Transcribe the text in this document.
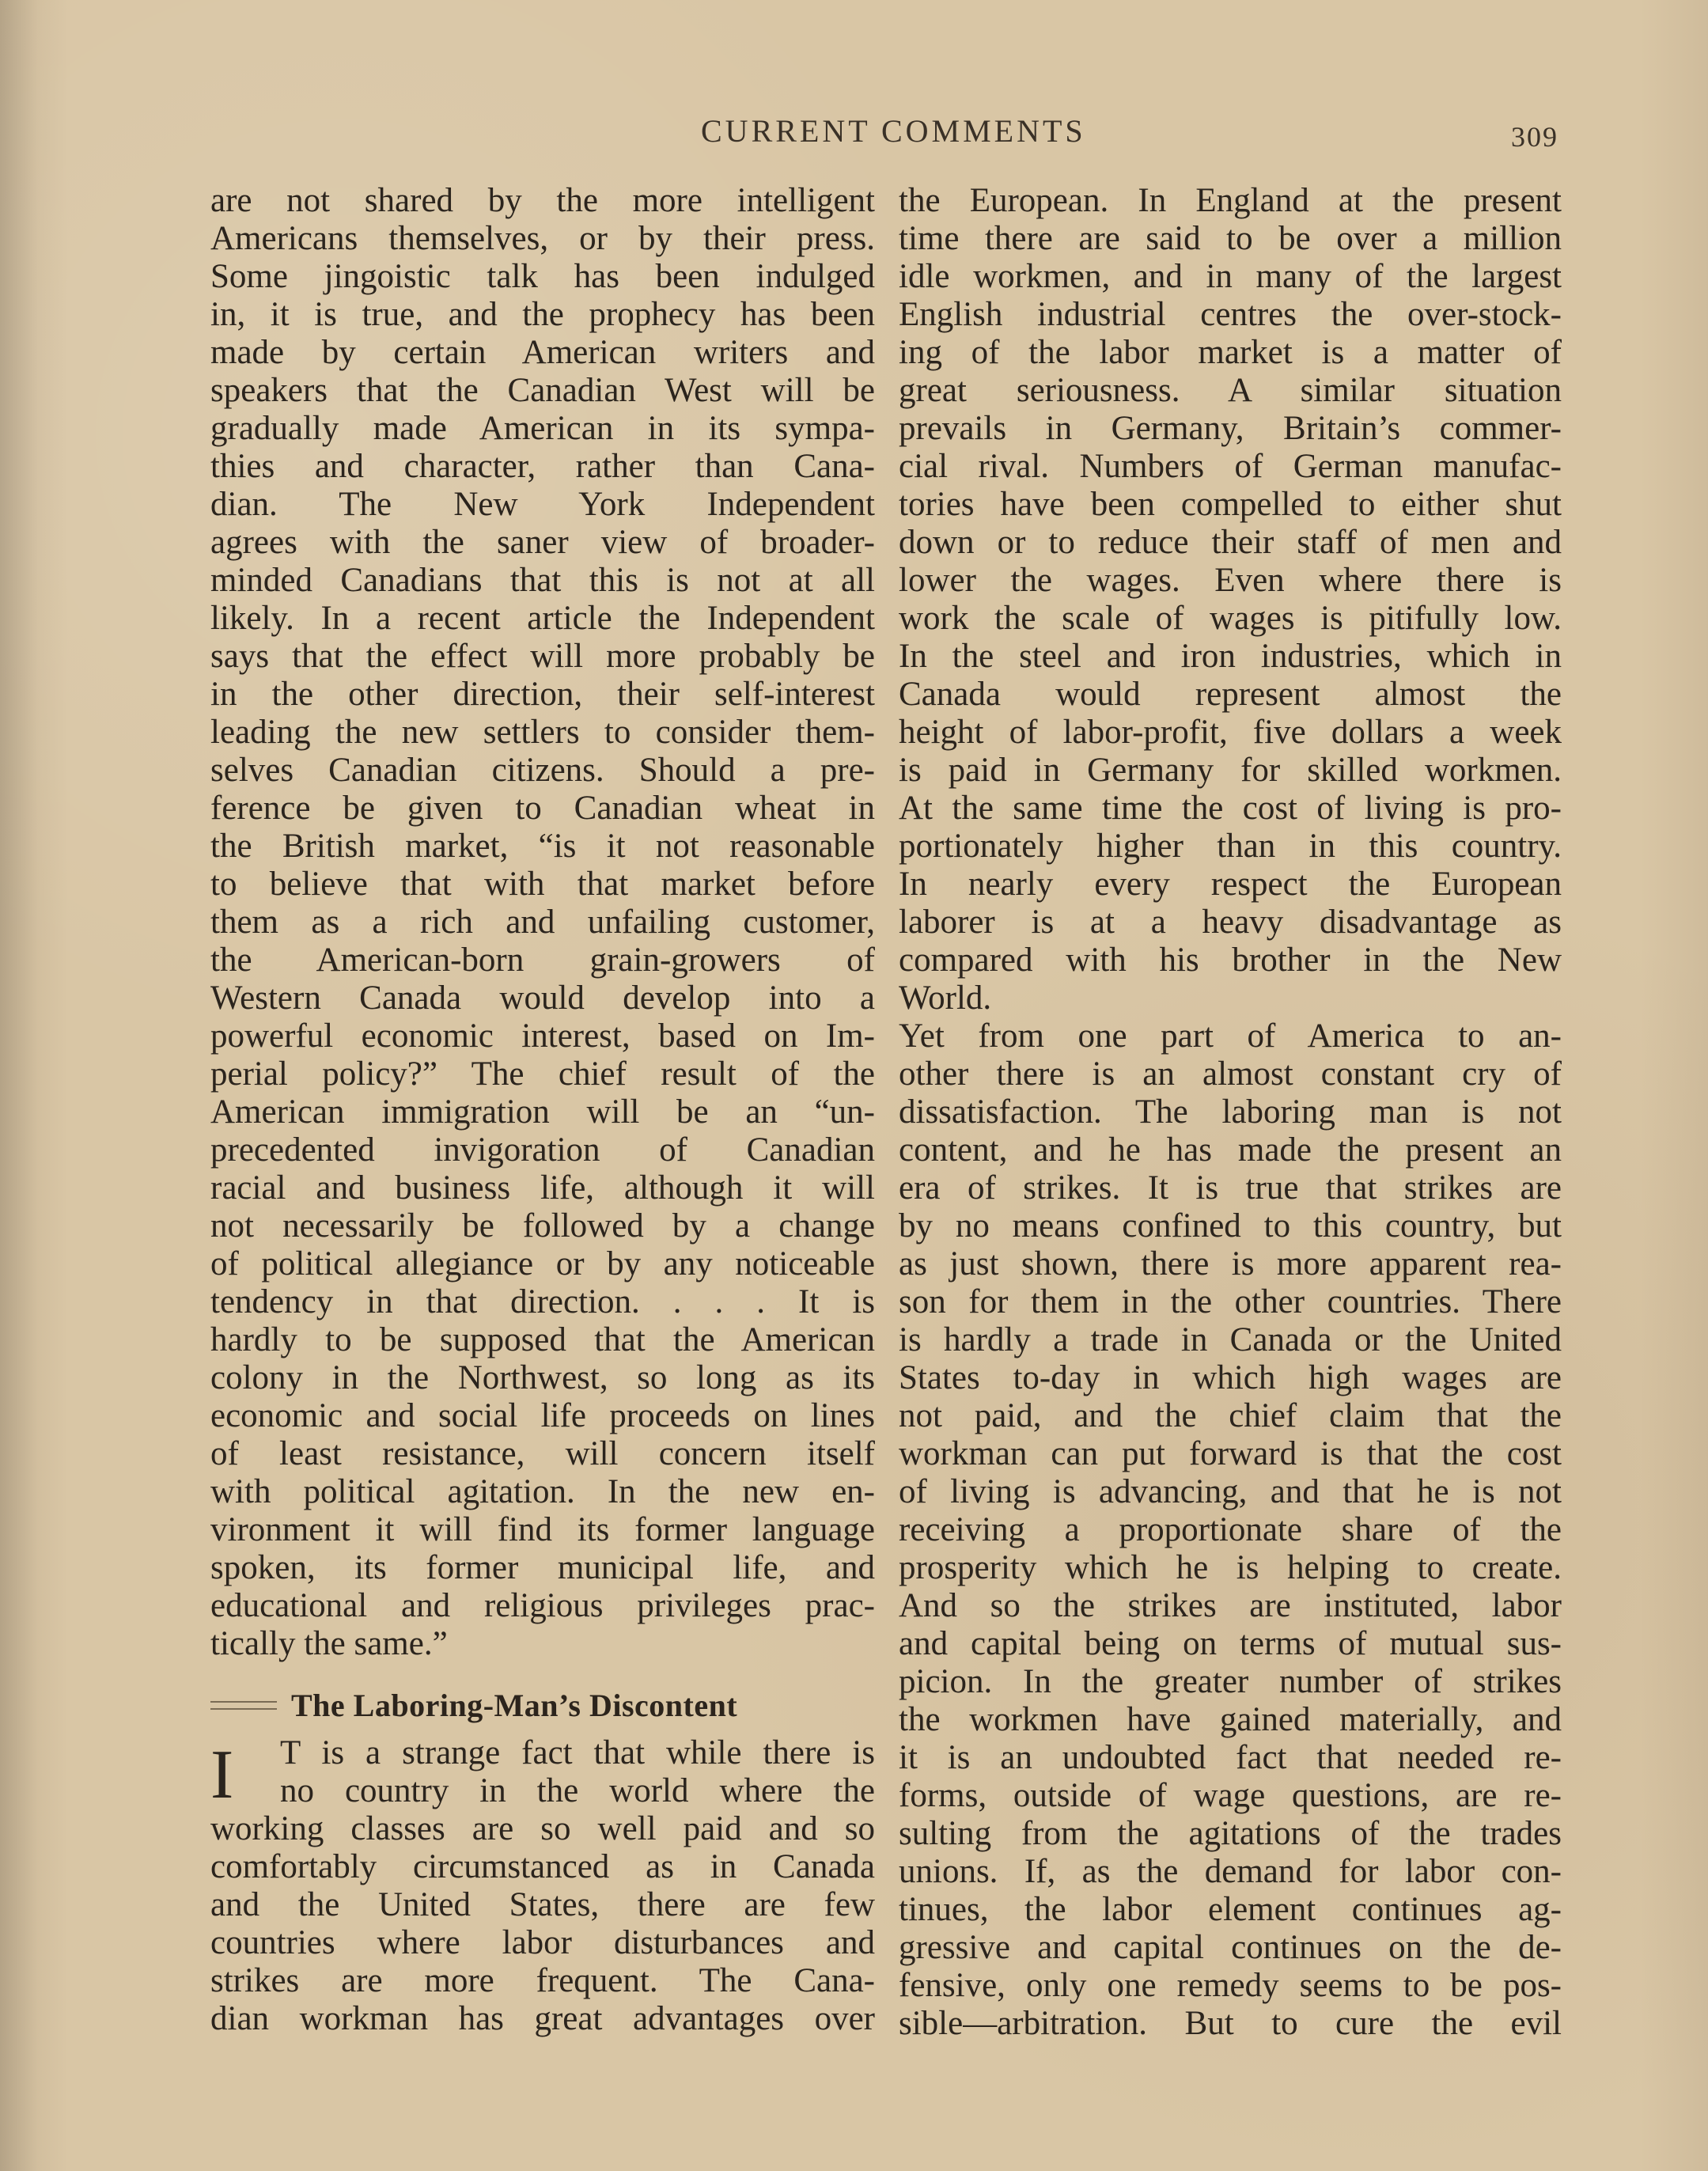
CURRENT COMMENTS	309
are not shared by the more intelligent
Americans themselves, or by their press.
Some jingoistic talk has been indulged
in, it is true, and the prophecy has been
made by certain American writers and
speakers that the Canadian West will be
gradually made American in its sympa-
thies and character, rather than Cana-
dian. The New York Independent
agrees with the saner view of broader-
minded Canadians that this is not at all
likely. In a recent article the Independent
says that the effect will more probably be
in the other direction, their self-interest
leading the new settlers to consider them-
selves Canadian citizens. Should a pre-
ference be given to Canadian wheat in
the British market, “is it not reasonable
to believe that with that market before
them as a rich and unfailing customer,
the American-born grain-growers of
Western Canada would develop into a
powerful economic interest, based on Im-
perial policy?” The chief result of the
American immigration will be an “un-
precedented invigoration of Canadian
racial and business life, although it will
not necessarily be followed by a change
of political allegiance or by any noticeable
tendency in that direction. . . . It is
hardly to be supposed that the American
colony in the Northwest, so long as its
economic and social life proceeds on lines
of least resistance, will concern itself
with political agitation. In the new en-
vironment it will find its former language
spoken, its former municipal life, and
educational and religious privileges prac-
tically the same.”
The Laboring-Man’s Discontent
I T is a strange fact that while there is
no country in the world where the
working classes are so well paid and so
comfortably circumstanced as in Canada
and the United States, there are few
countries where labor disturbances and
strikes are more frequent. The Cana-
dian workman has great advantages over
the European. In England at the present
time there are said to be over a million
idle workmen, and in many of the largest
English industrial centres the over-stock-
ing of the labor market is a matter of
great seriousness. A similar situation
prevails in Germany, Britain’s commer-
cial rival. Numbers of German manufac-
tories have been compelled to either shut
down or to reduce their staff of men and
lower the wages. Even where there is
work the scale of wages is pitifully low.
In the steel and iron industries, which in
Canada would represent almost the
height of labor-profit, five dollars a week
is paid in Germany for skilled workmen.
At the same time the cost of living is pro-
portionately higher than in this country.
In nearly every respect the European
laborer is at a heavy disadvantage as
compared with his brother in the New
World.
Yet from one part of America to an-
other there is an almost constant cry of
dissatisfaction. The laboring man is not
content, and he has made the present an
era of strikes. It is true that strikes are
by no means confined to this country, but
as just shown, there is more apparent rea-
son for them in the other countries. There
is hardly a trade in Canada or the United
States to-day in which high wages are
not paid, and the chief claim that the
workman can put forward is that the cost
of living is advancing, and that he is not
receiving a proportionate share of the
prosperity which he is helping to create.
And so the strikes are instituted, labor
and capital being on terms of mutual sus-
picion. In the greater number of strikes
the workmen have gained materially, and
it is an undoubted fact that needed re-
forms, outside of wage questions, are re-
sulting from the agitations of the trades
unions. If, as the demand for labor con-
tinues, the labor element continues ag-
gressive and capital continues on the de-
fensive, only one remedy seems to be pos-
sible—arbitration. But to cure the evil
